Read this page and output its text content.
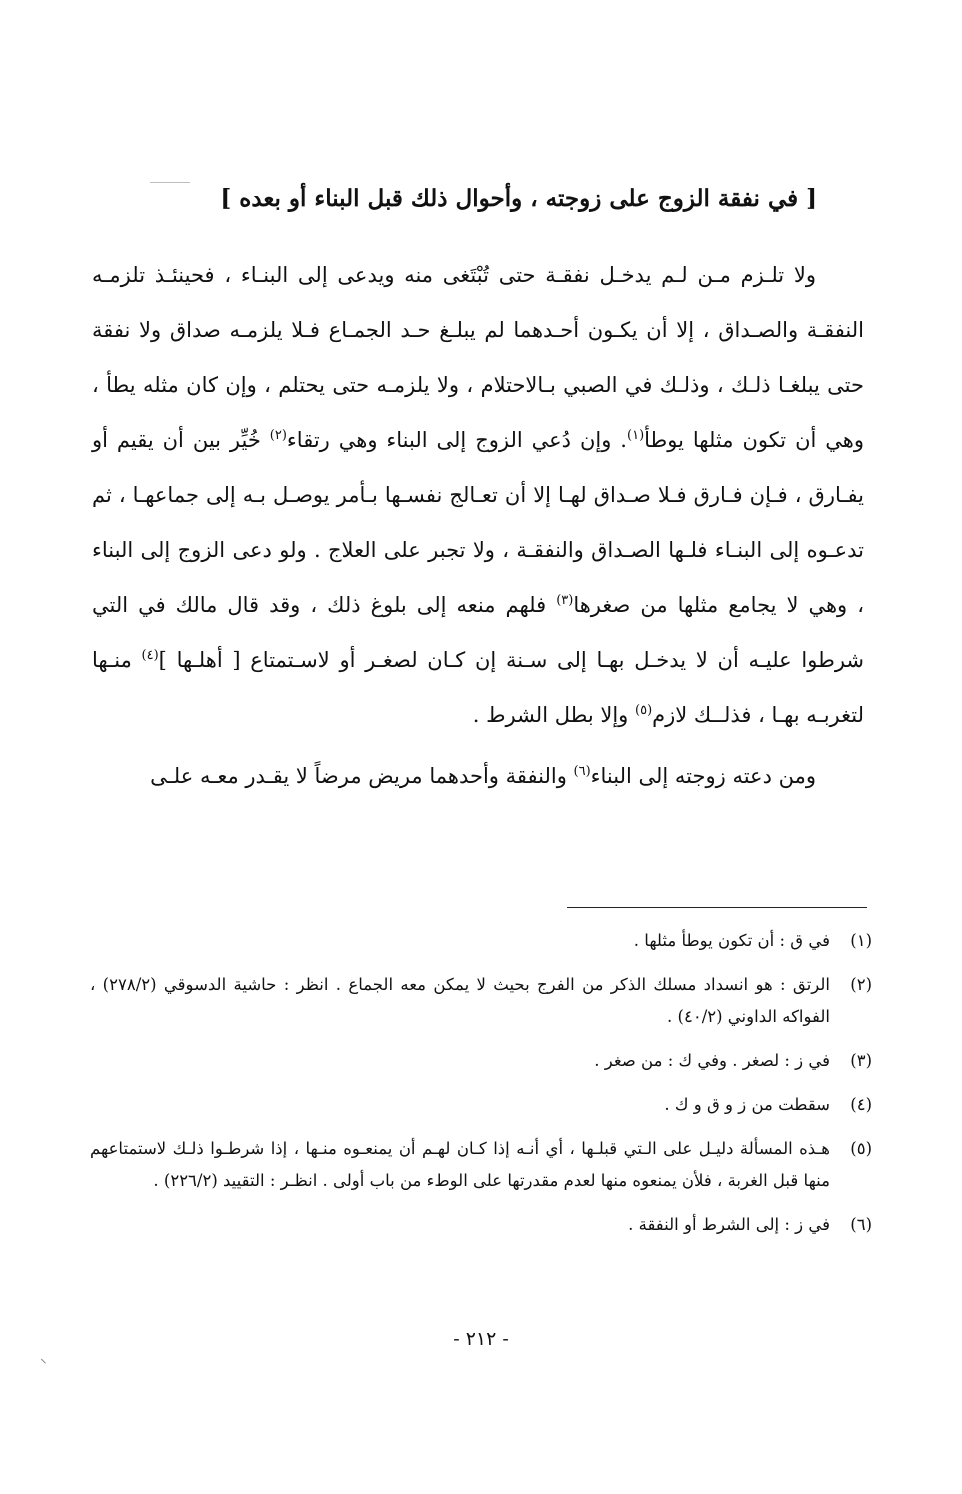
[ في نفقة الزوج على زوجته ، وأحوال ذلك قبل البناء أو بعده ]

ولا تلـزم مـن لـم يدخـل نفقـة حتى تُبْتَغى منه ويدعى إلى البنـاء ، فحينئـذ تلزمـه النفقـة والصـداق ، إلا أن يكـون أحـدهما لم يبلـغ حـد الجمـاع فـلا يلزمـه صداق ولا نفقة حتى يبلغـا ذلـك ، وذلـك في الصبي بـالاحتلام ، ولا يلزمـه حتى يحتلم ، وإن كان مثله يطأ ، وهي أن تكون مثلها يوطأ$^{(١)}$. وإن دُعي الزوج إلى البناء وهي رتقاء$^{(٢)}$ خُيِّر بين أن يقيم أو يفـارق ، فـإن فـارق فـلا صـداق لهـا إلا أن تعـالج نفسـها بـأمر يوصـل بـه إلى جماعهـا ، ثم تدعـوه إلى البنـاء فلـها الصـداق والنفقـة ، ولا تجبر على العلاج . ولو دعى الزوج إلى البناء ، وهي لا يجامع مثلها من صغرها$^{(٣)}$ فلهم منعه إلى بلوغ ذلك ، وقد قال مالك في التي شرطوا عليـه أن لا يدخـل بهـا إلى سـنة إن كـان لصغـر أو لاسـتمتاع [ أهلـها ]$^{(٤)}$ منـها لتغربـه بهـا ، فذلــك لازم$^{(٥)}$ وإلا بطل الشرط .

ومن دعته زوجته إلى البناء$^{(٦)}$ والنفقة وأحدهما مريض مرضاً لا يقـدر معـه علـى

(١)
في ق : أن تكون يوطأ مثلها .
(٢)
الرتق : هو انسداد مسلك الذكر من الفرج بحيث لا يمكن معه الجماع . انظر : حاشية الدسوقي (٢٧٨/٢) ، الفواكه الداوني (٤٠/٢) .
(٣)
في ز : لصغر . وفي ك : من صغر .
(٤)
سقطت من ز و ق و ك .
(٥)
هـذه المسألة دليـل على الـتي قبلـها ، أي أنـه إذا كـان لهـم أن يمنعـوه منـها ، إذا شرطـوا ذلـك لاستمتاعهم منها قبل الغربة ، فلأن يمنعوه منها لعدم مقدرتها على الوطء من باب أولى . انظـر : التقييد (٢٢٦/٢) .
(٦)
في ز : إلى الشرط أو النفقة .
- ٢١٢ -
